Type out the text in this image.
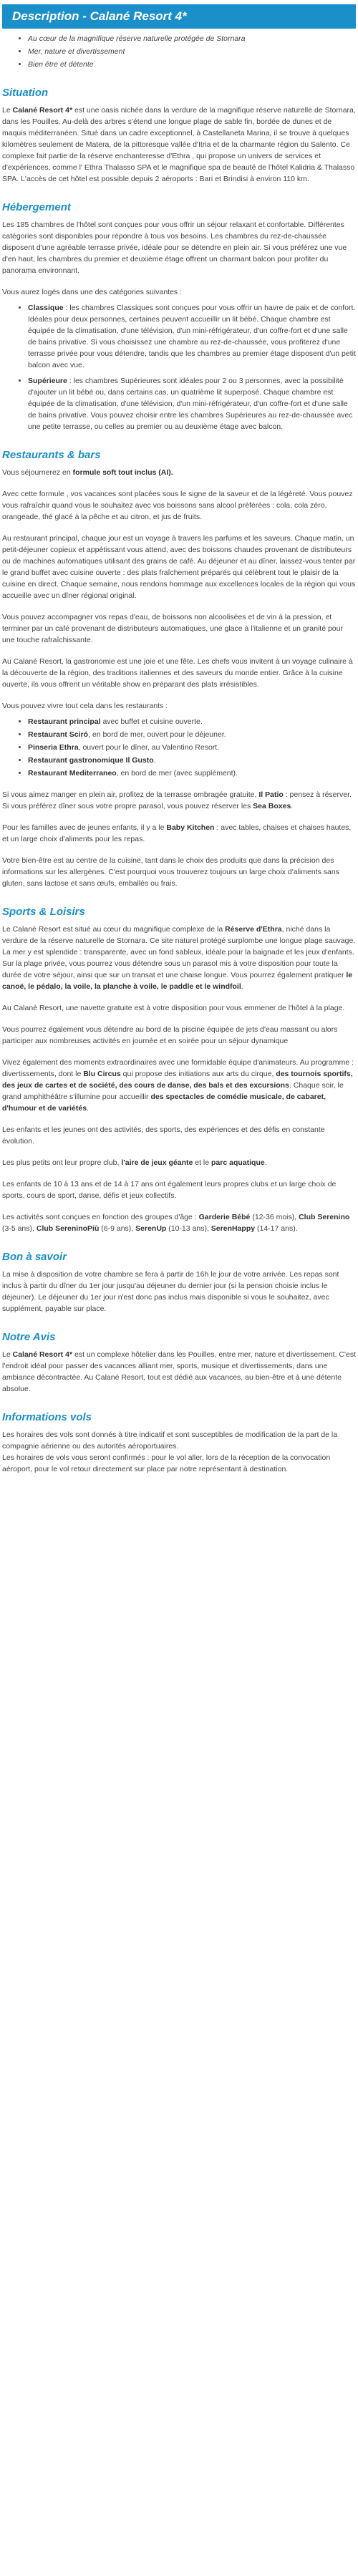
Description - Calané Resort 4*
• Au cœur de la magnifique réserve naturelle protégée de Stornara
• Mer, nature et divertissement
• Bien être et détente
Situation

Le Calané Resort 4* est une oasis nichée dans la verdure de la magnifique réserve naturelle de Stornara, dans les Pouilles. Au-delà des arbres s'étend une longue plage de sable fin, bordée de dunes et de maquis méditerranéen. Situé dans un cadre exceptionnel, à Castellaneta Marina, il se trouve à quelques kilomètres seulement de Matera, de la pittoresque vallée d'Itria et de la charmante région du Salento. Ce complexe fait partie de la réserve enchanteresse d'Ethra , qui propose un univers de services et d'expériences, comme l' Ethra Thalasso SPA et le magnifique spa de beauté de l'hôtel Kalidria & Thalasso SPA. L'accès de cet hôtel est possible depuis 2 aéroports : Bari et Brindisi à environ 110 km.

Hébergement

Les 185 chambres de l'hôtel sont conçues pour vous offrir un séjour relaxant et confortable. Différentes catégories sont disponibles pour répondre à tous vos besoins. Les chambres du rez-de-chaussée disposent d'une agréable terrasse privée, idéale pour se détendre en plein air. Si vous préférez une vue d'en haut, les chambres du premier et deuxième étage offrent un charmant balcon pour profiter du panorama environnant.

Vous aurez logés dans une des catégories suivantes :

• Classique : les chambres Classiques sont conçues pour vous offrir un havre de paix et de confort. Idéales pour deux personnes, certaines peuvent accueillir un lit bébé. Chaque chambre est équipée de la climatisation, d'une télévision, d'un mini-réfrigérateur, d'un coffre-fort et d'une salle de bains privative. Si vous choisissez une chambre au rez-de-chaussée, vous profiterez d'une terrasse privée pour vous détendre, tandis que les chambres au premier étage disposent d'un petit balcon avec vue.
• Supérieure : les chambres Supérieures sont idéales pour 2 ou 3 personnes, avec la possibilité d'ajouter un lit bébé ou, dans certains cas, un quatrième lit superposé. Chaque chambre est équipée de la climatisation, d'une télévision, d'un mini-réfrigérateur, d'un coffre-fort et d'une salle de bains privative. Vous pouvez choisir entre les chambres Supérieures au rez-de-chaussée avec une petite terrasse, ou celles au premier ou au deuxième étage avec balcon.
Restaurants & bars

Vous séjournerez en formule soft tout inclus (AI).

Avec cette formule , vos vacances sont placées sous le signe de la saveur et de la légèreté. Vous pouvez vous rafraîchir quand vous le souhaitez avec vos boissons sans alcool préférées : cola, cola zéro, orangeade, thé glacé à la pêche et au citron, et jus de fruits.

Au restaurant principal, chaque jour est un voyage à travers les parfums et les saveurs. Chaque matin, un petit-déjeuner copieux et appétissant vous attend, avec des boissons chaudes provenant de distributeurs ou de machines automatiques utilisant des grains de café. Au déjeuner et au dîner, laissez-vous tenter par le grand buffet avec cuisine ouverte : des plats fraîchement préparés qui célèbrent tout le plaisir de la cuisine en direct. Chaque semaine, nous rendons hommage aux excellences locales de la région qui vous accueille avec un dîner régional original.

Vous pouvez accompagner vos repas d'eau, de boissons non alcoolisées et de vin à la pression, et terminer par un café provenant de distributeurs automatiques, une glace à l'italienne et un granité pour une touche rafraîchissante.

Au Calané Resort, la gastronomie est une joie et une fête. Les chefs vous invitent à un voyage culinaire à la découverte de la région, des traditions italiennes et des saveurs du monde entier. Grâce à la cuisine ouverte, ils vous offrent un véritable show en préparant des plats irrésistibles.

Vous pouvez vivre tout cela dans les restaurants :

• Restaurant principal avec buffet et cuisine ouverte.
• Restaurant Sciró, en bord de mer, ouvert pour le déjeuner.
• Pinseria Ethra, ouvert pour le dîner, au Valentino Resort.
• Restaurant gastronomique Il Gusto.
• Restaurant Mediterraneo, en bord de mer (avec supplément).

Si vous aimez manger en plein air, profitez de la terrasse ombragée gratuite, Il Patio : pensez à réserver. Si vous préférez dîner sous votre propre parasol, vous pouvez réserver les Sea Boxes.

Pour les familles avec de jeunes enfants, il y a le Baby Kitchen : avec tables, chaises et chaises hautes, et un large choix d'aliments pour les repas.

Votre bien-être est au centre de la cuisine, tant dans le choix des produits que dans la précision des informations sur les allergènes. C'est pourquoi vous trouverez toujours un large choix d'aliments sans gluten, sans lactose et sans œufs, emballés ou frais.

Sports & Loisirs

Le Calané Resort est situé au cœur du magnifique complexe de la Réserve d'Ethra, niché dans la verdure de la réserve naturelle de Stornara. Ce site naturel protégé surplombe une longue plage sauvage. La mer y est splendide : transparente, avec un fond sableux, idéale pour la baignade et les jeux d'enfants. Sur la plage privée, vous pourrez vous détendre sous un parasol mis à votre disposition pour toute la durée de votre séjour, ainsi que sur un transat et une chaise longue. Vous pourrez également pratiquer le canoë, le pédalo, la voile, la planche à voile, le paddle et le windfoil.

Au Calané Resort, une navette gratuite est à votre disposition pour vous emmener de l'hôtel à la plage.

Vous pourrez également vous détendre au bord de la piscine équipée de jets d'eau massant ou alors participer aux nombreuses activités en journée et en soirée pour un séjour dynamique

Vivez également des moments extraordinaires avec une formidable équipe d'animateurs. Au programme : divertissements, dont le Blu Circus qui propose des initiations aux arts du cirque, des tournois sportifs, des jeux de cartes et de société, des cours de danse, des bals et des excursions. Chaque soir, le grand amphithéâtre s'illumine pour accueillir des spectacles de comédie musicale, de cabaret, d'humour et de variétés.

Les enfants et les jeunes ont des activités, des sports, des expériences et des défis en constante évolution.

Les plus petits ont leur propre club, l'aire de jeux géante et le parc aquatique.

Les enfants de 10 à 13 ans et de 14 à 17 ans ont également leurs propres clubs et un large choix de sports, cours de sport, danse, défis et jeux collectifs.

Les activités sont conçues en fonction des groupes d'âge : Garderie Bébé (12-36 mois), Club Serenino (3-5 ans), Club SereninoPiù (6-9 ans), SerenUp (10-13 ans), SerenHappy (14-17 ans).

Bon à savoir

La mise à disposition de votre chambre se fera à partir de 16h le jour de votre arrivée. Les repas sont inclus à partir du dîner du 1er jour jusqu'au déjeuner du dernier jour (si la pension choisie inclus le déjeuner). Le déjeuner du 1er jour n'est donc pas inclus mais disponible si vous le souhaitez, avec supplément, payable sur place.

Notre Avis

Le Calané Resort 4* est un complexe hôtelier dans les Pouilles, entre mer, nature et divertissement. C'est l'endroit idéal pour passer des vacances alliant mer, sports, musique et divertissements, dans une ambiance décontractée. Au Calané Resort, tout est dédié aux vacances, au bien-être et à une détente absolue.

Informations vols

Les horaires des vols sont donnés à titre indicatif et sont susceptibles de modification de la part de la compagnie aérienne ou des autorités aéroportuaires.

Les horaires de vols vous seront confirmés : pour le vol aller, lors de la réception de la convocation aéroport, pour le vol retour directement sur place par notre représentant à destination.
